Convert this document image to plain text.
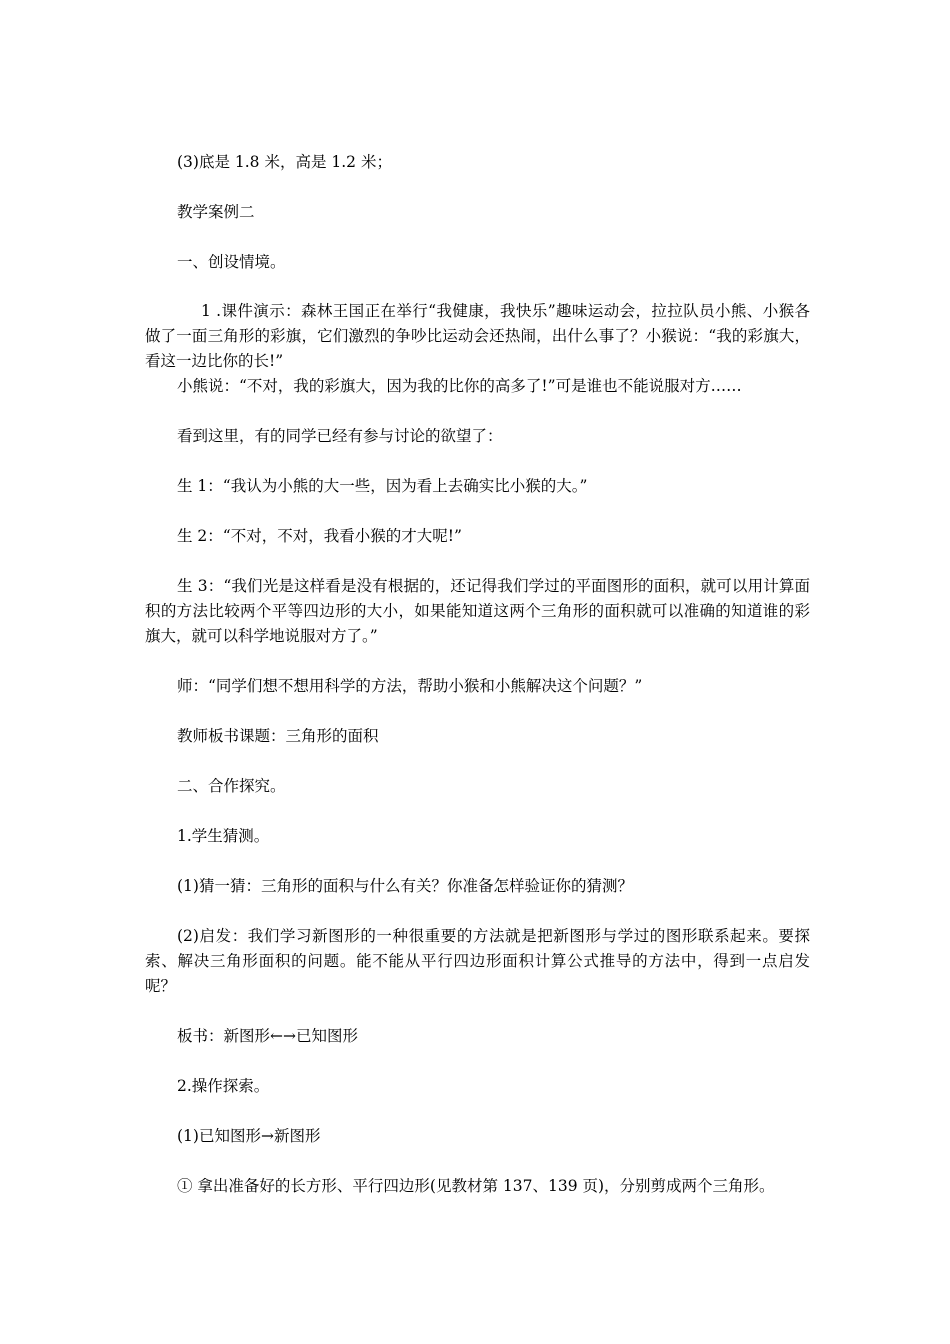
(3)底是 1.8 米，高是 1.2 米；

教学案例二

一、创设情境。

1 .课件演示：森林王国正在举行“我健康，我快乐”趣味运动会，拉拉队员小熊、小猴各做了一面三角形的彩旗，它们激烈的争吵比运动会还热闹，出什么事了？小猴说：“我的彩旗大，看这一边比你的长!”

小熊说：“不对，我的彩旗大，因为我的比你的高多了!”可是谁也不能说服对方……

看到这里，有的同学已经有参与讨论的欲望了：

生 1：“我认为小熊的大一些，因为看上去确实比小猴的大。”

生 2：“不对，不对，我看小猴的才大呢!”

生 3：“我们光是这样看是没有根据的，还记得我们学过的平面图形的面积，就可以用计算面积的方法比较两个平等四边形的大小，如果能知道这两个三角形的面积就可以准确的知道谁的彩旗大，就可以科学地说服对方了。”

师：“同学们想不想用科学的方法，帮助小猴和小熊解决这个问题？”

教师板书课题：三角形的面积

二、合作探究。

1.学生猜测。

(1)猜一猜：三角形的面积与什么有关？你准备怎样验证你的猜测？

(2)启发：我们学习新图形的一种很重要的方法就是把新图形与学过的图形联系起来。要探索、解决三角形面积的问题。能不能从平行四边形面积计算公式推导的方法中，得到一点启发呢？

板书：新图形←→已知图形

2.操作探索。

(1)已知图形→新图形

① 拿出准备好的长方形、平行四边形(见教材第 137、139 页)，分别剪成两个三角形。
